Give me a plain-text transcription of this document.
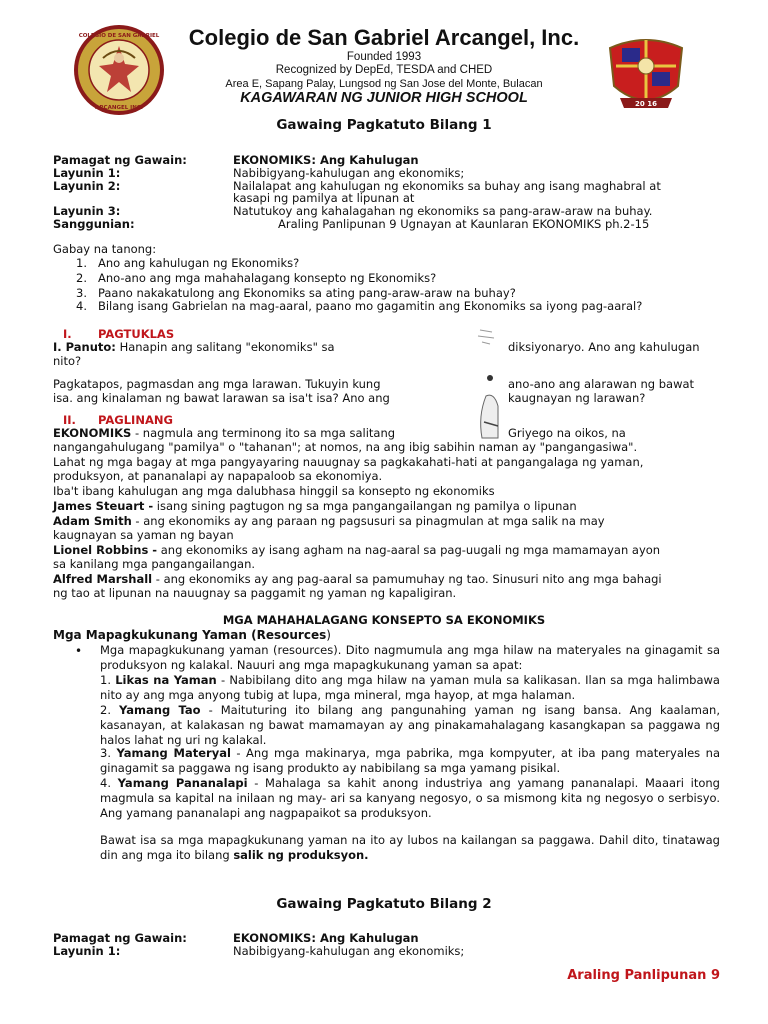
COLEGIO DE SAN GABRIEL
ARCANGEL INC.	20 16
Colegio de San Gabriel Arcangel, Inc.
Founded 1993
Recognized by DepEd, TESDA and CHED
Area E, Sapang Palay, Lungsod ng San Jose del Monte, Bulacan
KAGAWARAN NG JUNIOR HIGH SCHOOL
Gawaing Pagkatuto Bilang 1
Pamagat ng Gawain:	EKONOMIKS: Ang Kahulugan
Layunin 1:	Nabibigyang-kahulugan ang ekonomiks;
Layunin 2:	Nailalapat ang kahulugan ng ekonomiks sa buhay ang isang maghabral at
kasapi ng pamilya at lipunan at
Layunin 3:	Natutukoy ang kahalagahan ng ekonomiks sa pang-araw-araw na buhay.
Sanggunian:	Araling Panlipunan 9 Ugnayan at Kaunlaran EKONOMIKS ph.2-15
Gabay na tanong:
1.   Ano ang kahulugan ng Ekonomiks?
2.   Ano-ano ang mga mahahalagang konsepto ng Ekonomiks?
3.   Paano nakakatulong ang Ekonomiks sa ating pang-araw-araw na buhay?
4.   Bilang isang Gabrielan na mag-aaral, paano mo gagamitin ang Ekonomiks sa iyong pag-aaral?
I. PAGTUKLAS
I. Panuto: Hanapin ang salitang "ekonomiks" sa	diksiyonaryo. Ano ang kahulugan
nito?
Pagkatapos, pagmasdan ang mga larawan. Tukuyin kung	ano-ano ang alarawan ng bawat
isa. ang kinalaman ng bawat larawan sa isa't isa? Ano ang	kaugnayan ng larawan?
II. PAGLINANG
EKONOMIKS - nagmula ang terminong ito sa mga salitang	Griyego na oikos, na
nangangahulugang "pamilya" o "tahanan"; at nomos, na ang ibig sabihin naman ay "pangangasiwa".
Lahat ng mga bagay at mga pangyayaring nauugnay sa pagkakahati-hati at pangangalaga ng yaman,
produksyon, at pananalapi ay napapaloob sa ekonomiya.
Iba't ibang kahulugan ang mga dalubhasa hinggil sa konsepto ng ekonomiks
James Steuart - isang sining pagtugon ng sa mga pangangailangan ng pamilya o lipunan
Adam Smith - ang ekonomiks ay ang paraan ng pagsusuri sa pinagmulan at mga salik na may
kaugnayan sa yaman ng bayan
Lionel Robbins - ang ekonomiks ay isang agham na nag-aaral sa pag-uugali ng mga mamamayan ayon
sa kanilang mga pangangailangan.
Alfred Marshall - ang ekonomiks ay ang pag-aaral sa pamumuhay ng tao. Sinusuri nito ang mga bahagi
ng tao at lipunan na nauugnay sa paggamit ng yaman ng kapaligiran.
MGA MAHAHALAGANG KONSEPTO SA EKONOMIKS
Mga Mapagkukunang Yaman (Resources)
• Mga mapagkukunang yaman (resources). Dito nagmumula ang mga hilaw na materyales na ginagamit sa produksyon ng kalakal. Nauuri ang mga mapagkukunang yaman sa apat:
1. Likas na Yaman - Nabibilang dito ang mga hilaw na yaman mula sa kalikasan. Ilan sa mga halimbawa nito ay ang mga anyong tubig at lupa, mga mineral, mga hayop, at mga halaman.
2. Yamang Tao - Maituturing ito bilang ang pangunahing yaman ng isang bansa. Ang kaalaman, kasanayan, at kalakasan ng bawat mamamayan ay ang pinakamahalagang kasangkapan sa paggawa ng halos lahat ng uri ng kalakal.
3. Yamang Materyal - Ang mga makinarya, mga pabrika, mga kompyuter, at iba pang materyales na ginagamit sa paggawa ng isang produkto ay nabibilang sa mga yamang pisikal.
4. Yamang Pananalapi - Mahalaga sa kahit anong industriya ang yamang pananalapi. Maaari itong magmula sa kapital na inilaan ng may- ari sa kanyang negosyo, o sa mismong kita ng negosyo o serbisyo. Ang yamang pananalapi ang nagpapaikot sa produksyon.
Bawat isa sa mga mapagkukunang yaman na ito ay lubos na kailangan sa paggawa. Dahil dito, tinatawag din ang mga ito bilang salik ng produksyon.
Gawaing Pagkatuto Bilang 2
Pamagat ng Gawain:	EKONOMIKS: Ang Kahulugan
Layunin 1:	Nabibigyang-kahulugan ang ekonomiks;
Araling Panlipunan 9
